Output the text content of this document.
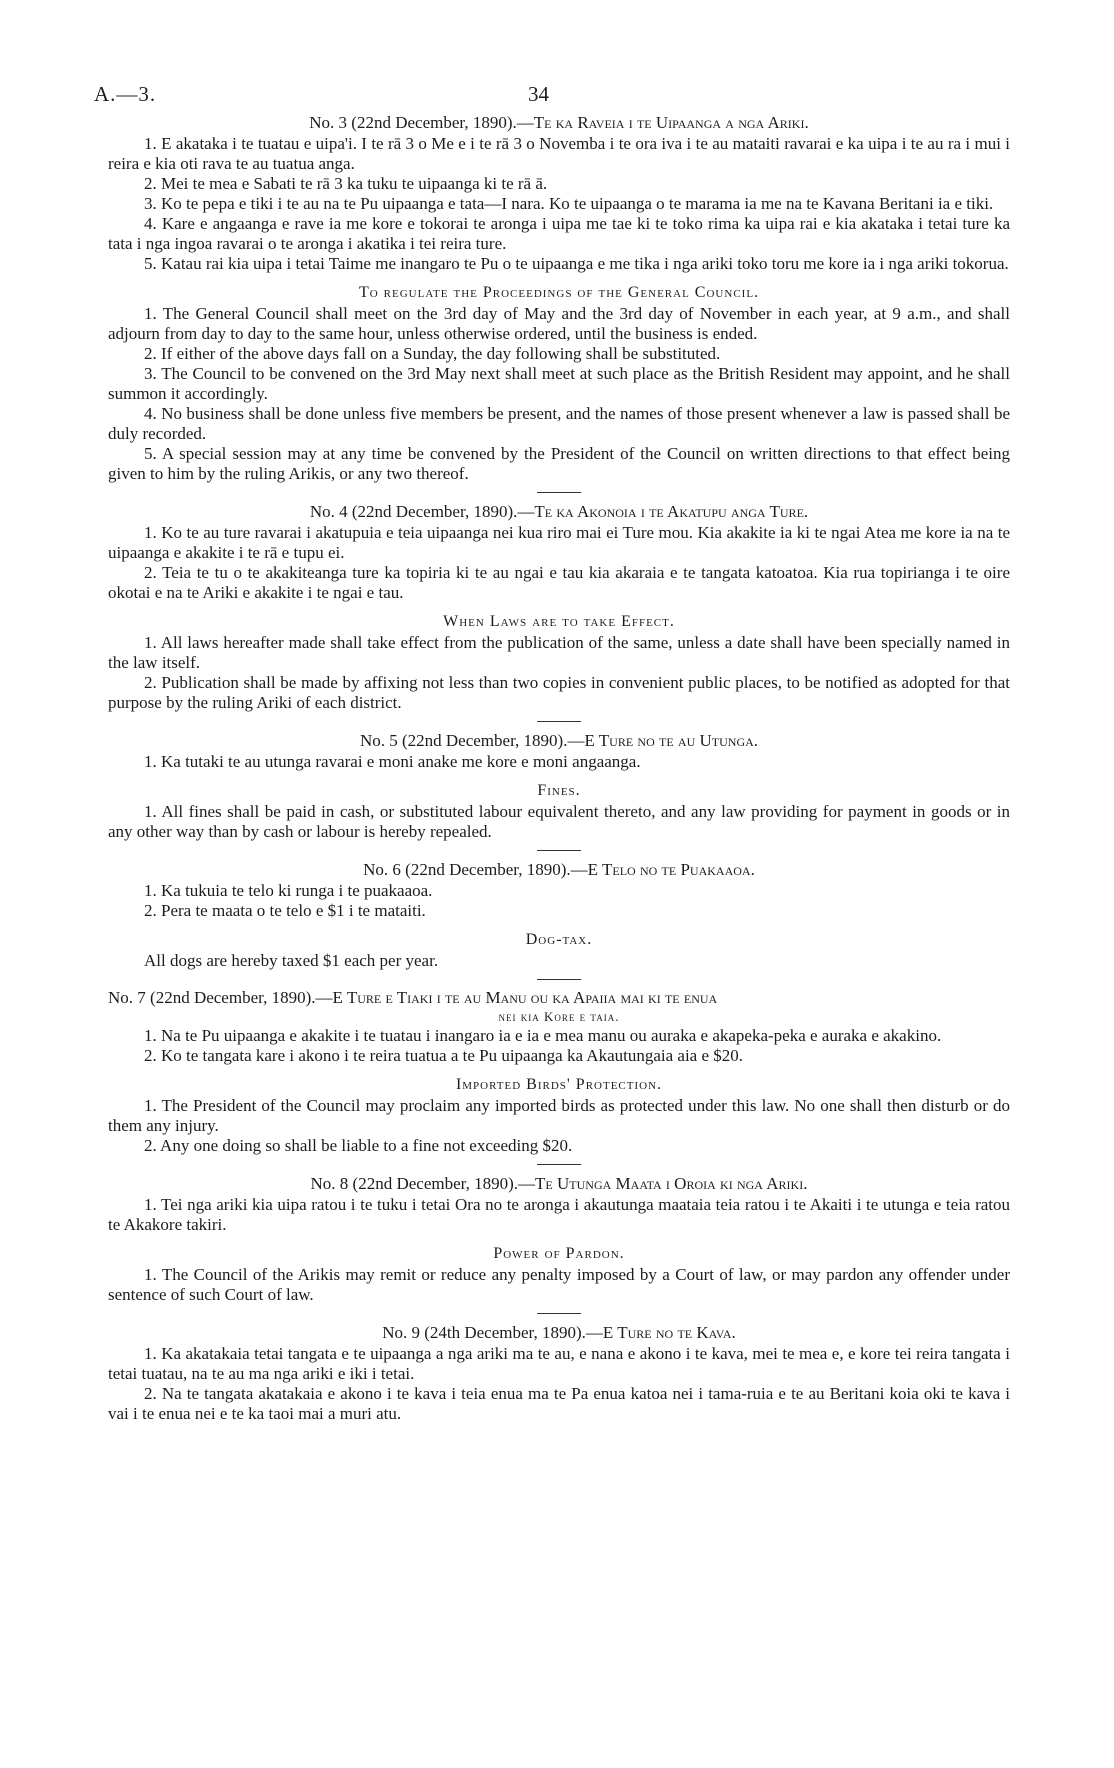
A.—3.	34

No. 3 (22nd December, 1890).—Te ka Raveia i te Uipaanga a nga Ariki.

1. E akataka i te tuatau e uipa'i. I te rā 3 o Me e i te rā 3 o Novemba i te ora iva i te au mataiti ravarai e ka uipa i te au ra i mui i reira e kia oti rava te au tuatua anga.

2. Mei te mea e Sabati te rā 3 ka tuku te uipaanga ki te rā ā.

3. Ko te pepa e tiki i te au na te Pu uipaanga e tata—I nara. Ko te uipaanga o te marama ia me na te Kavana Beritani ia e tiki.

4. Kare e angaanga e rave ia me kore e tokorai te aronga i uipa me tae ki te toko rima ka uipa rai e kia akataka i tetai ture ka tata i nga ingoa ravarai o te aronga i akatika i tei reira ture.

5. Katau rai kia uipa i tetai Taime me inangaro te Pu o te uipaanga e me tika i nga ariki toko toru me kore ia i nga ariki tokorua.

To regulate the Proceedings of the General Council.

1. The General Council shall meet on the 3rd day of May and the 3rd day of November in each year, at 9 a.m., and shall adjourn from day to day to the same hour, unless otherwise ordered, until the business is ended.

2. If either of the above days fall on a Sunday, the day following shall be substituted.

3. The Council to be convened on the 3rd May next shall meet at such place as the British Resident may appoint, and he shall summon it accordingly.

4. No business shall be done unless five members be present, and the names of those present whenever a law is passed shall be duly recorded.

5. A special session may at any time be convened by the President of the Council on written directions to that effect being given to him by the ruling Arikis, or any two thereof.

No. 4 (22nd December, 1890).—Te ka Akonoia i te Akatupu anga Ture.

1. Ko te au ture ravarai i akatupuia e teia uipaanga nei kua riro mai ei Ture mou. Kia akakite ia ki te ngai Atea me kore ia na te uipaanga e akakite i te rā e tupu ei.

2. Teia te tu o te akakiteanga ture ka topiria ki te au ngai e tau kia akaraia e te tangata katoatoa. Kia rua topirianga i te oire okotai e na te Ariki e akakite i te ngai e tau.

When Laws are to take Effect.

1. All laws hereafter made shall take effect from the publication of the same, unless a date shall have been specially named in the law itself.

2. Publication shall be made by affixing not less than two copies in convenient public places, to be notified as adopted for that purpose by the ruling Ariki of each district.

No. 5 (22nd December, 1890).—E Ture no te au Utunga.

1. Ka tutaki te au utunga ravarai e moni anake me kore e moni angaanga.

Fines.

1. All fines shall be paid in cash, or substituted labour equivalent thereto, and any law providing for payment in goods or in any other way than by cash or labour is hereby repealed.

No. 6 (22nd December, 1890).—E Telo no te Puakaaoa.

1. Ka tukuia te telo ki runga i te puakaaoa.

2. Pera te maata o te telo e $1 i te mataiti.

Dog-tax.

All dogs are hereby taxed $1 each per year.

No. 7 (22nd December, 1890).—E Ture e Tiaki i te au Manu ou ka Apaiia mai ki te enua

nei kia Kore e taia.

1. Na te Pu uipaanga e akakite i te tuatau i inangaro ia e ia e mea manu ou auraka e akapeka-peka e auraka e akakino.

2. Ko te tangata kare i akono i te reira tuatua a te Pu uipaanga ka Akautungaia aia e $20.

Imported Birds' Protection.

1. The President of the Council may proclaim any imported birds as protected under this law. No one shall then disturb or do them any injury.

2. Any one doing so shall be liable to a fine not exceeding $20.

No. 8 (22nd December, 1890).—Te Utunga Maata i Oroia ki nga Ariki.

1. Tei nga ariki kia uipa ratou i te tuku i tetai Ora no te aronga i akautunga maataia teia ratou i te Akaiti i te utunga e teia ratou te Akakore takiri.

Power of Pardon.

1. The Council of the Arikis may remit or reduce any penalty imposed by a Court of law, or may pardon any offender under sentence of such Court of law.

No. 9 (24th December, 1890).—E Ture no te Kava.

1. Ka akatakaia tetai tangata e te uipaanga a nga ariki ma te au, e nana e akono i te kava, mei te mea e, e kore tei reira tangata i tetai tuatau, na te au ma nga ariki e iki i tetai.

2. Na te tangata akatakaia e akono i te kava i teia enua ma te Pa enua katoa nei i tama-ruia e te au Beritani koia oki te kava i vai i te enua nei e te ka taoi mai a muri atu.
